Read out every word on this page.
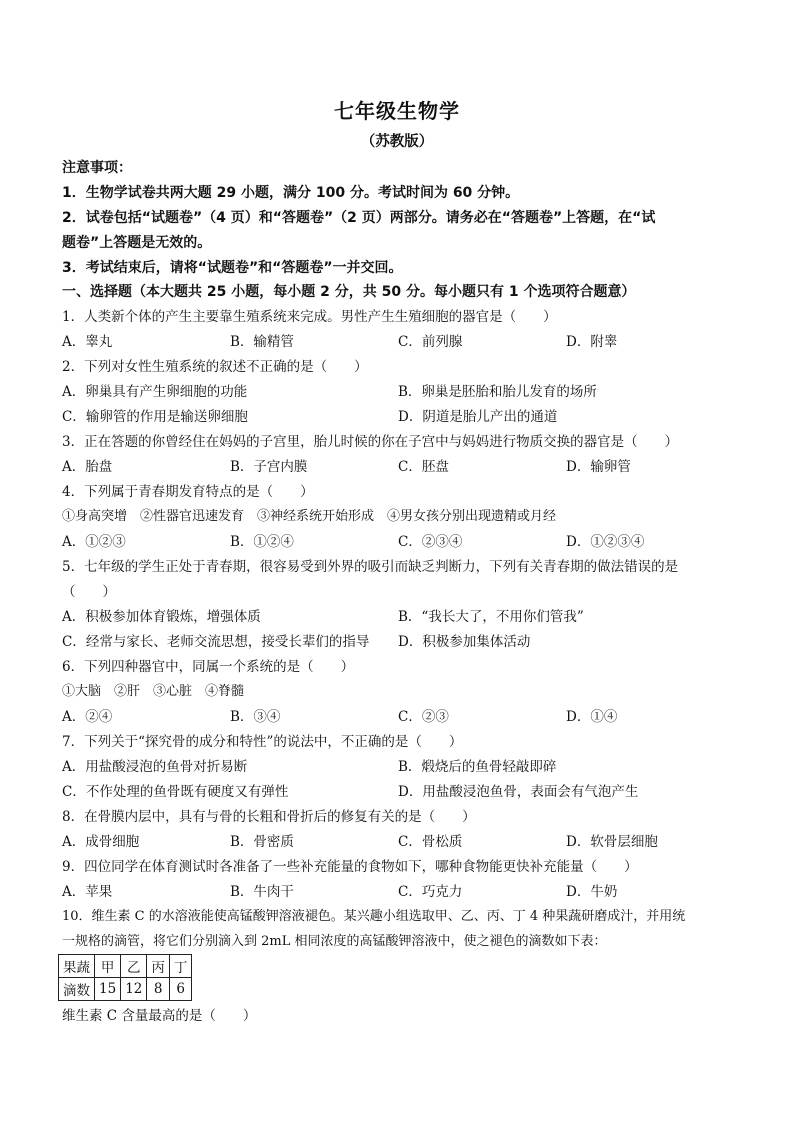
七年级生物学
（苏教版）
注意事项：
1．生物学试卷共两大题 29 小题，满分 100 分。考试时间为 60 分钟。
2．试卷包括“试题卷”（4 页）和“答题卷”（2 页）两部分。请务必在“答题卷”上答题，在“试
题卷”上答题是无效的。
3．考试结束后，请将“试题卷”和“答题卷”一并交回。
一、选择题（本大题共 25 小题，每小题 2 分，共 50 分。每小题只有 1 个选项符合题意）
1．人类新个体的产生主要靠生殖系统来完成。男性产生生殖细胞的器官是（　　）
A．睾丸	B．输精管	C．前列腺	D．附睾
2．下列对女性生殖系统的叙述不正确的是（　　）
A．卵巢具有产生卵细胞的功能	B．卵巢是胚胎和胎儿发育的场所
C．输卵管的作用是输送卵细胞	D．阴道是胎儿产出的通道
3．正在答题的你曾经住在妈妈的子宫里，胎儿时候的你在子宫中与妈妈进行物质交换的器官是（　　）
A．胎盘	B．子宫内膜	C．胚盘	D．输卵管
4．下列属于青春期发育特点的是（　　）
①身高突增　②性器官迅速发育　③神经系统开始形成　④男女孩分别出现遗精或月经
A．①②③	B．①②④	C．②③④	D．①②③④
5．七年级的学生正处于青春期，很容易受到外界的吸引而缺乏判断力，下列有关青春期的做法错误的是
（　　）
A．积极参加体育锻炼，增强体质	B．“我长大了，不用你们管我”
C．经常与家长、老师交流思想，接受长辈们的指导 D．积极参加集体活动
6．下列四种器官中，同属一个系统的是（　　）
①大脑　②肝　③心脏　④脊髓
A．②④	B．③④	C．②③	D．①④
7．下列关于“探究骨的成分和特性”的说法中，不正确的是（　　）
A．用盐酸浸泡的鱼骨对折易断	B．煅烧后的鱼骨轻敲即碎
C．不作处理的鱼骨既有硬度又有弹性	D．用盐酸浸泡鱼骨，表面会有气泡产生
8．在骨膜内层中，具有与骨的长粗和骨折后的修复有关的是（　　）
A．成骨细胞	B．骨密质	C．骨松质	D．软骨层细胞
9．四位同学在体育测试时各准备了一些补充能量的食物如下，哪种食物能更快补充能量（　　）
A．苹果	B．牛肉干	C．巧克力	D．牛奶
10．维生素 C 的水溶液能使高锰酸钾溶液褪色。某兴趣小组选取甲、乙、丙、丁 4 种果蔬研磨成汁，并用统
一规格的滴管，将它们分别滴入到 2mL 相同浓度的高锰酸钾溶液中，使之褪色的滴数如下表：
果蔬	甲	乙	丙	丁
滴数	15	12	8	6
维生素 C 含量最高的是（　　）
